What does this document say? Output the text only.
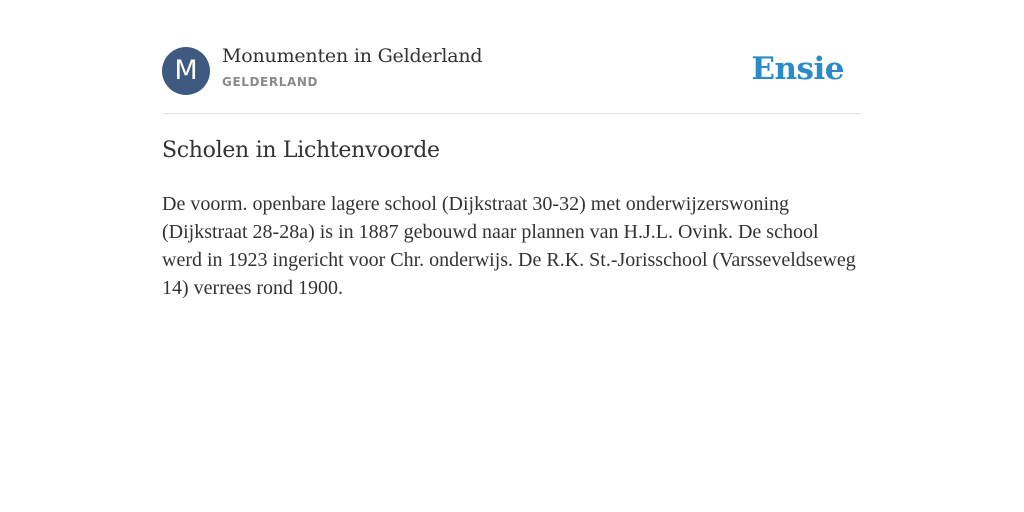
M	Monumenten in Gelderland
GELDERLAND	Ensie
Scholen in Lichtenvoorde

De voorm. openbare lagere school (Dijkstraat 30-32) met onderwijzerswoning (Dijkstraat 28-28a) is in 1887 gebouwd naar plannen van H.J.L. Ovink. De school werd in 1923 ingericht voor Chr. onderwijs. De R.K. St.-Jorisschool (Varsseveldseweg 14) verrees rond 1900.
